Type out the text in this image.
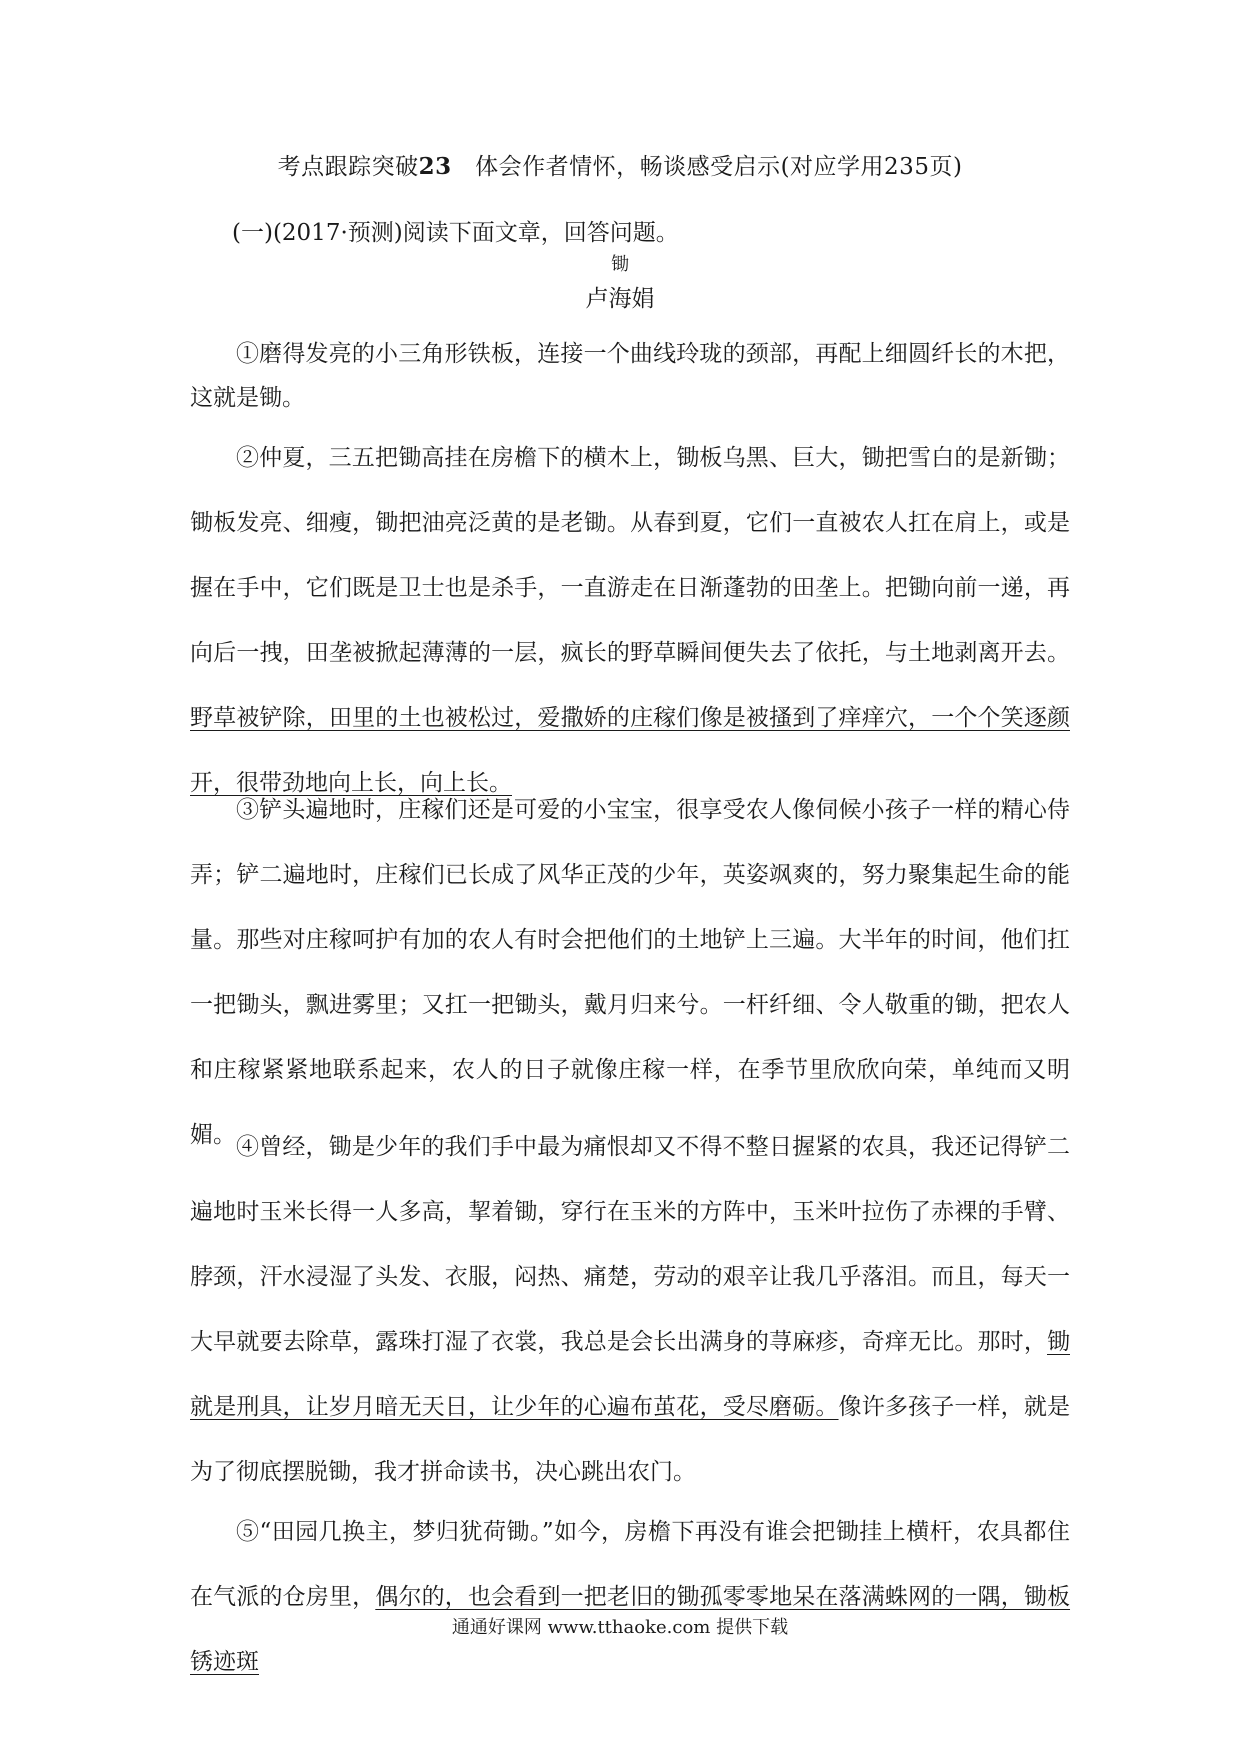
考点跟踪突破23　 体会作者情怀，畅谈感受启示(对应学用235页)
(一)(2017·预测)阅读下面文章，回答问题。
锄
卢海娟

①磨得发亮的小三角形铁板，连接一个曲线玲珑的颈部，再配上细圆纤长的木把，这就是锄。

②仲夏，三五把锄高挂在房檐下的横木上，锄板乌黑、巨大，锄把雪白的是新锄；锄板发亮、细瘦，锄把油亮泛黄的是老锄。从春到夏，它们一直被农人扛在肩上，或是握在手中，它们既是卫士也是杀手，一直游走在日渐蓬勃的田垄上。把锄向前一递，再向后一拽，田垄被掀起薄薄的一层，疯长的野草瞬间便失去了依托，与土地剥离开去。野草被铲除，田里的土也被松过，爱撒娇的庄稼们像是被搔到了痒痒穴，一个个笑逐颜开，很带劲地向上长，向上长。

③铲头遍地时，庄稼们还是可爱的小宝宝，很享受农人像伺候小孩子一样的精心侍弄；铲二遍地时，庄稼们已长成了风华正茂的少年，英姿飒爽的，努力聚集起生命的能量。那些对庄稼呵护有加的农人有时会把他们的土地铲上三遍。大半年的时间，他们扛一把锄头，飘进雾里；又扛一把锄头，戴月归来兮。一杆纤细、令人敬重的锄，把农人和庄稼紧紧地联系起来，农人的日子就像庄稼一样，在季节里欣欣向荣，单纯而又明媚。 ④曾经，锄是少年的我们手中最为痛恨却又不得不整日握紧的农具，我还记得铲二遍地时玉米长得一人多高，挈着锄，穿行在玉米的方阵中，玉米叶拉伤了赤裸的手臂、脖颈，汗水浸湿了头发、衣服，闷热、痛楚，劳动的艰辛让我几乎落泪。而且，每天一大早就要去除草，露珠打湿了衣裳，我总是会长出满身的荨麻疹，奇痒无比。那时，锄就是刑具，让岁月暗无天日，让少年的心遍布茧花，受尽磨砺。像许多孩子一样，就是为了彻底摆脱锄，我才拼命读书，决心跳出农门。

⑤“田园几换主，梦归犹荷锄。”如今，房檐下再没有谁会把锄挂上横杆，农具都住在气派的仓房里，偶尔的，也会看到一把老旧的锄孤零零地呆在落满蛛网的一隅，锄板锈迹斑

通通好课网 www.tthaoke.com 提供下载
